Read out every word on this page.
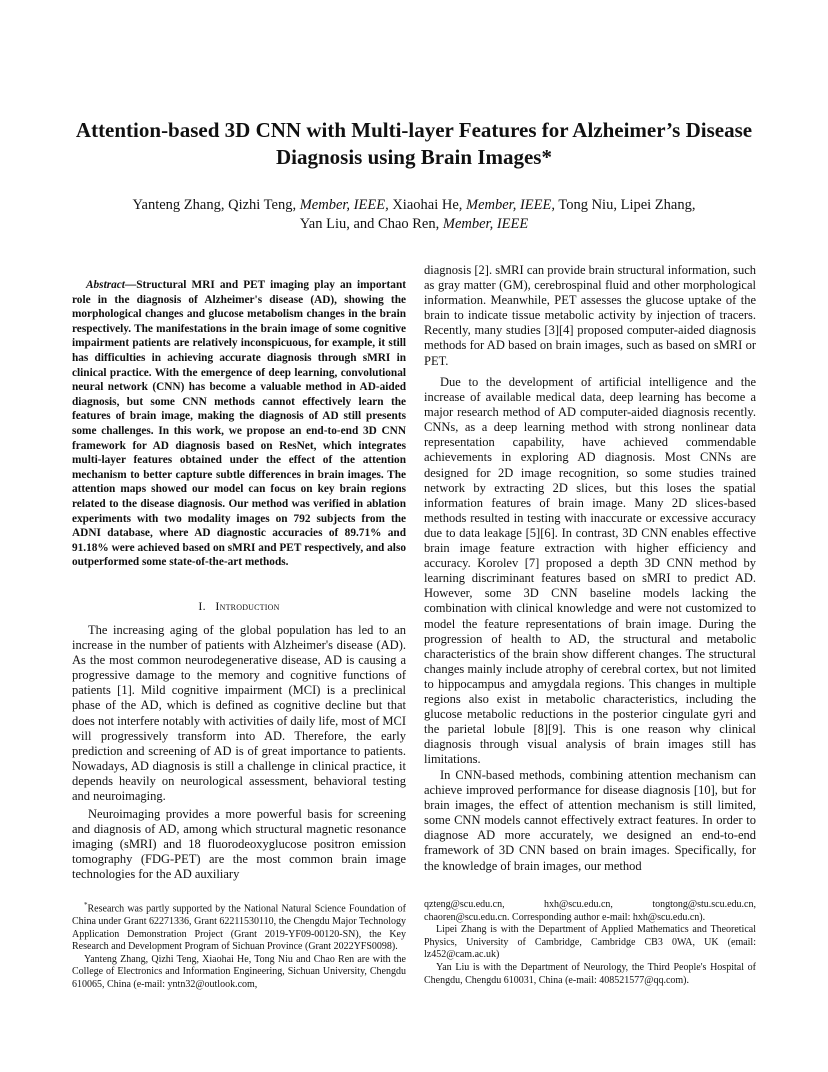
Attention-based 3D CNN with Multi-layer Features for Alzheimer’s Disease Diagnosis using Brain Images*
Yanteng Zhang, Qizhi Teng, Member, IEEE, Xiaohai He, Member, IEEE, Tong Niu, Lipei Zhang,
Yan Liu, and Chao Ren, Member, IEEE
Abstract—Structural MRI and PET imaging play an important role in the diagnosis of Alzheimer's disease (AD), showing the morphological changes and glucose metabolism changes in the brain respectively. The manifestations in the brain image of some cognitive impairment patients are relatively inconspicuous, for example, it still has difficulties in achieving accurate diagnosis through sMRI in clinical practice. With the emergence of deep learning, convolutional neural network (CNN) has become a valuable method in AD-aided diagnosis, but some CNN methods cannot effectively learn the features of brain image, making the diagnosis of AD still presents some challenges. In this work, we propose an end-to-end 3D CNN framework for AD diagnosis based on ResNet, which integrates multi-layer features obtained under the effect of the attention mechanism to better capture subtle differences in brain images. The attention maps showed our model can focus on key brain regions related to the disease diagnosis. Our method was verified in ablation experiments with two modality images on 792 subjects from the ADNI database, where AD diagnostic accuracies of 89.71% and 91.18% were achieved based on sMRI and PET respectively, and also outperformed some state-of-the-art methods.
I. Introduction

The increasing aging of the global population has led to an increase in the number of patients with Alzheimer's disease (AD). As the most common neurodegenerative disease, AD is causing a progressive damage to the memory and cognitive functions of patients [1]. Mild cognitive impairment (MCI) is a preclinical phase of the AD, which is defined as cognitive decline but that does not interfere notably with activities of daily life, most of MCI will progressively transform into AD. Therefore, the early prediction and screening of AD is of great importance to patients. Nowadays, AD diagnosis is still a challenge in clinical practice, it depends heavily on neurological assessment, behavioral testing and neuroimaging.

Neuroimaging provides a more powerful basis for screening and diagnosis of AD, among which structural magnetic resonance imaging (sMRI) and 18 fluorodeoxyglucose positron emission tomography (FDG-PET) are the most common brain image technologies for the AD auxiliary

diagnosis [2]. sMRI can provide brain structural information, such as gray matter (GM), cerebrospinal fluid and other morphological information. Meanwhile, PET assesses the glucose uptake of the brain to indicate tissue metabolic activity by injection of tracers. Recently, many studies [3][4] proposed computer-aided diagnosis methods for AD based on brain images, such as based on sMRI or PET.

Due to the development of artificial intelligence and the increase of available medical data, deep learning has become a major research method of AD computer-aided diagnosis recently. CNNs, as a deep learning method with strong nonlinear data representation capability, have achieved commendable achievements in exploring AD diagnosis. Most CNNs are designed for 2D image recognition, so some studies trained network by extracting 2D slices, but this loses the spatial information features of brain image. Many 2D slices-based methods resulted in testing with inaccurate or excessive accuracy due to data leakage [5][6]. In contrast, 3D CNN enables effective brain image feature extraction with higher efficiency and accuracy. Korolev [7] proposed a depth 3D CNN method by learning discriminant features based on sMRI to predict AD. However, some 3D CNN baseline models lacking the combination with clinical knowledge and were not customized to model the feature representations of brain image. During the progression of health to AD, the structural and metabolic characteristics of the brain show different changes. The structural changes mainly include atrophy of cerebral cortex, but not limited to hippocampus and amygdala regions. This changes in multiple regions also exist in metabolic characteristics, including the glucose metabolic reductions in the posterior cingulate gyri and the parietal lobule [8][9]. This is one reason why clinical diagnosis through visual analysis of brain images still has limitations.

In CNN-based methods, combining attention mechanism can achieve improved performance for disease diagnosis [10], but for brain images, the effect of attention mechanism is still limited, some CNN models cannot effectively extract features. In order to diagnose AD more accurately, we designed an end-to-end framework of 3D CNN based on brain images. Specifically, for the knowledge of brain images, our method

*Research was partly supported by the National Natural Science Foundation of China under Grant 62271336, Grant 62211530110, the Chengdu Major Technology Application Demonstration Project (Grant 2019-YF09-00120-SN), the Key Research and Development Program of Sichuan Province (Grant 2022YFS0098).

Yanteng Zhang, Qizhi Teng, Xiaohai He, Tong Niu and Chao Ren are with the College of Electronics and Information Engineering, Sichuan University, Chengdu 610065, China (e-mail: yntn32@outlook.com,

qzteng@scu.edu.cn, hxh@scu.edu.cn, tongtong@stu.scu.edu.cn, chaoren@scu.edu.cn. Corresponding author e-mail: hxh@scu.edu.cn).

Lipei Zhang is with the Department of Applied Mathematics and Theoretical Physics, University of Cambridge, Cambridge CB3 0WA, UK (email: lz452@cam.ac.uk)

Yan Liu is with the Department of Neurology, the Third People's Hospital of Chengdu, Chengdu 610031, China (e-mail: 408521577@qq.com).
